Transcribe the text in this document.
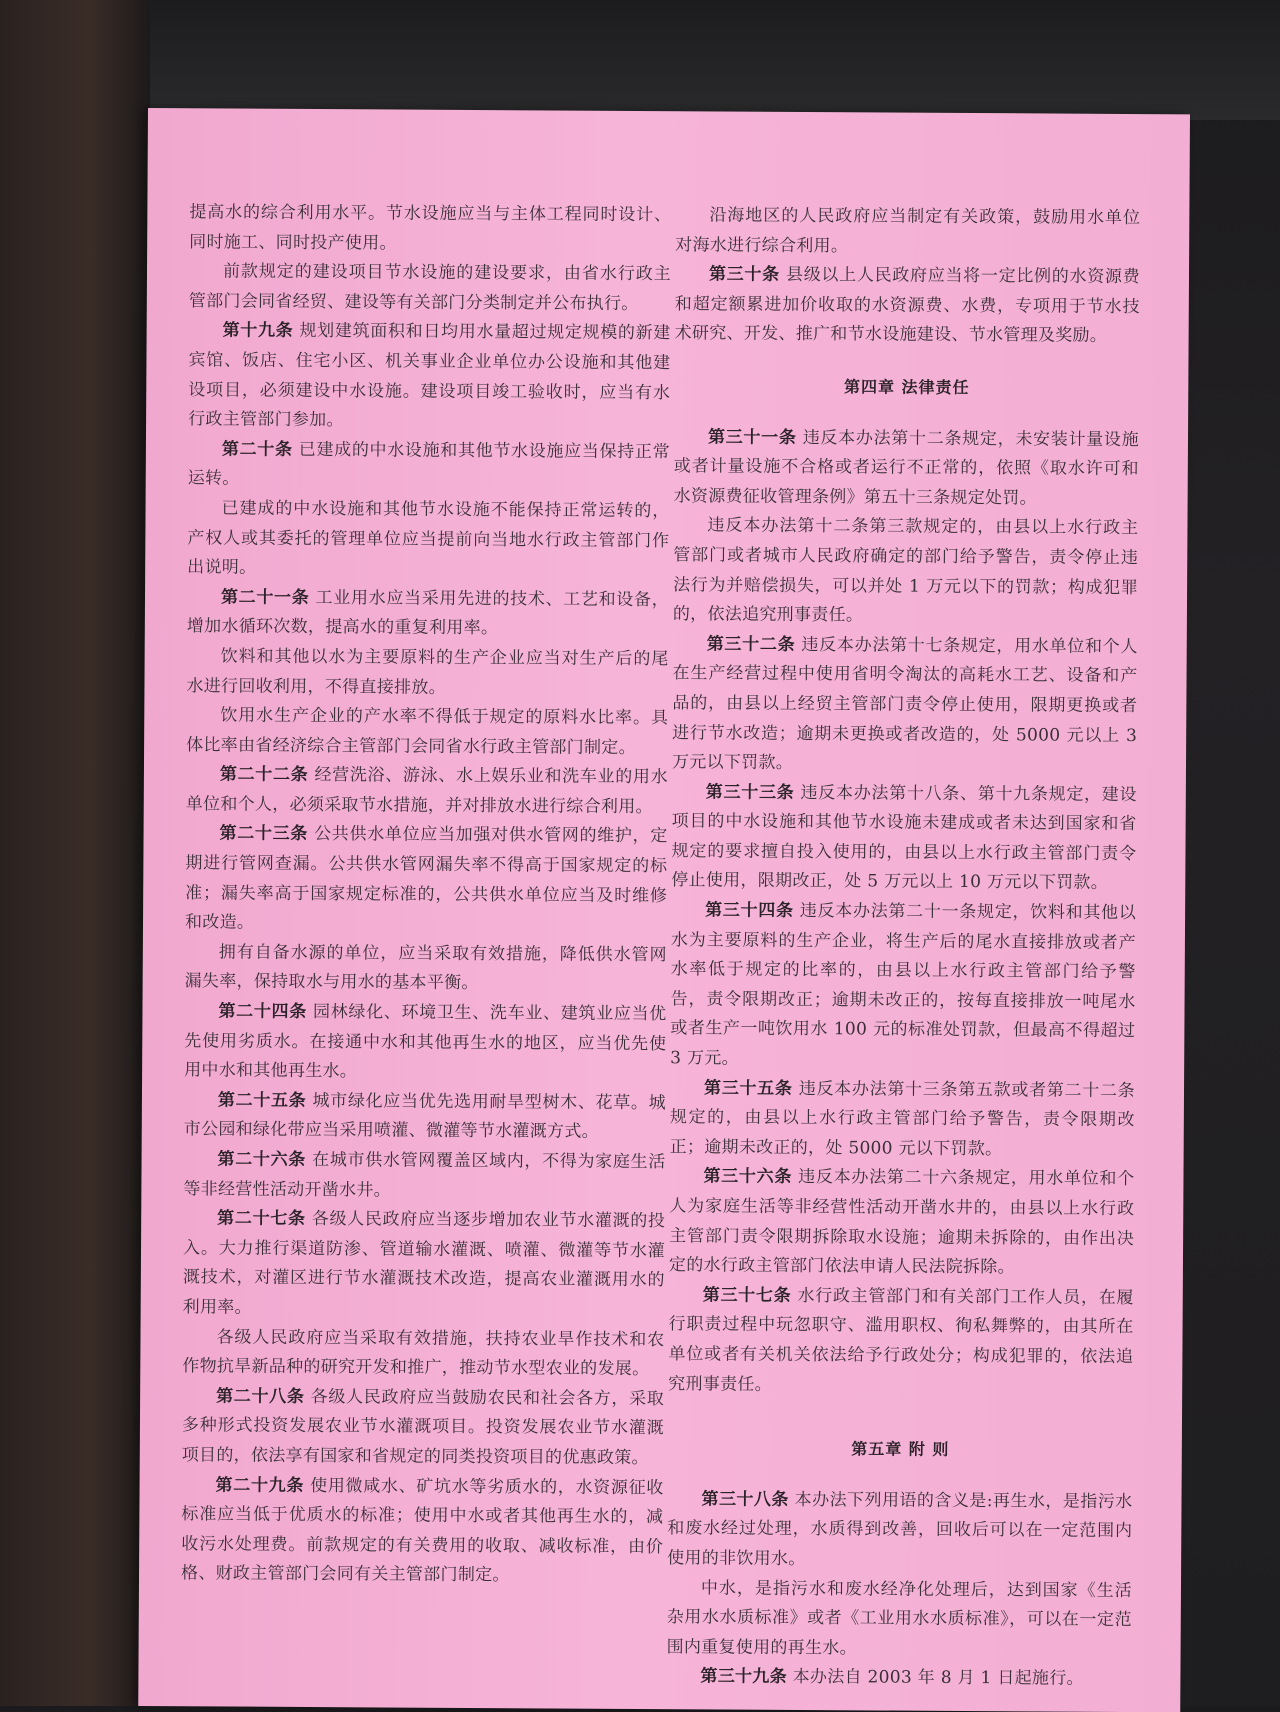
提高水的综合利用水平。节水设施应当与主体工程同时设计、同时施工、同时投产使用。

前款规定的建设项目节水设施的建设要求，由省水行政主管部门会同省经贸、建设等有关部门分类制定并公布执行。

第十九条 规划建筑面积和日均用水量超过规定规模的新建宾馆、饭店、住宅小区、机关事业企业单位办公设施和其他建设项目，必须建设中水设施。建设项目竣工验收时，应当有水行政主管部门参加。

第二十条 已建成的中水设施和其他节水设施应当保持正常运转。

已建成的中水设施和其他节水设施不能保持正常运转的，产权人或其委托的管理单位应当提前向当地水行政主管部门作出说明。

第二十一条 工业用水应当采用先进的技术、工艺和设备，增加水循环次数，提高水的重复利用率。

饮料和其他以水为主要原料的生产企业应当对生产后的尾水进行回收利用，不得直接排放。

饮用水生产企业的产水率不得低于规定的原料水比率。具体比率由省经济综合主管部门会同省水行政主管部门制定。

第二十二条 经营洗浴、游泳、水上娱乐业和洗车业的用水单位和个人，必须采取节水措施，并对排放水进行综合利用。

第二十三条 公共供水单位应当加强对供水管网的维护，定期进行管网查漏。公共供水管网漏失率不得高于国家规定的标准；漏失率高于国家规定标准的，公共供水单位应当及时维修和改造。

拥有自备水源的单位，应当采取有效措施，降低供水管网漏失率，保持取水与用水的基本平衡。

第二十四条 园林绿化、环境卫生、洗车业、建筑业应当优先使用劣质水。在接通中水和其他再生水的地区，应当优先使用中水和其他再生水。

第二十五条 城市绿化应当优先选用耐旱型树木、花草。城市公园和绿化带应当采用喷灌、微灌等节水灌溉方式。

第二十六条 在城市供水管网覆盖区域内，不得为家庭生活等非经营性活动开凿水井。

第二十七条 各级人民政府应当逐步增加农业节水灌溉的投入。大力推行渠道防渗、管道输水灌溉、喷灌、微灌等节水灌溉技术，对灌区进行节水灌溉技术改造，提高农业灌溉用水的利用率。

各级人民政府应当采取有效措施，扶持农业旱作技术和农作物抗旱新品种的研究开发和推广，推动节水型农业的发展。

第二十八条 各级人民政府应当鼓励农民和社会各方，采取多种形式投资发展农业节水灌溉项目。投资发展农业节水灌溉项目的，依法享有国家和省规定的同类投资项目的优惠政策。

第二十九条 使用微咸水、矿坑水等劣质水的，水资源征收标准应当低于优质水的标准；使用中水或者其他再生水的，减收污水处理费。前款规定的有关费用的收取、减收标准，由价格、财政主管部门会同有关主管部门制定。

沿海地区的人民政府应当制定有关政策，鼓励用水单位对海水进行综合利用。

第三十条 县级以上人民政府应当将一定比例的水资源费和超定额累进加价收取的水资源费、水费，专项用于节水技术研究、开发、推广和节水设施建设、节水管理及奖励。

第四章 法律责任

第三十一条 违反本办法第十二条规定，未安装计量设施或者计量设施不合格或者运行不正常的，依照《取水许可和水资源费征收管理条例》第五十三条规定处罚。

违反本办法第十二条第三款规定的，由县以上水行政主管部门或者城市人民政府确定的部门给予警告，责令停止违法行为并赔偿损失，可以并处 1 万元以下的罚款；构成犯罪的，依法追究刑事责任。

第三十二条 违反本办法第十七条规定，用水单位和个人在生产经营过程中使用省明令淘汰的高耗水工艺、设备和产品的，由县以上经贸主管部门责令停止使用，限期更换或者进行节水改造；逾期未更换或者改造的，处 5000 元以上 3 万元以下罚款。

第三十三条 违反本办法第十八条、第十九条规定，建设项目的中水设施和其他节水设施未建成或者未达到国家和省规定的要求擅自投入使用的，由县以上水行政主管部门责令停止使用，限期改正，处 5 万元以上 10 万元以下罚款。

第三十四条 违反本办法第二十一条规定，饮料和其他以水为主要原料的生产企业，将生产后的尾水直接排放或者产水率低于规定的比率的，由县以上水行政主管部门给予警告，责令限期改正；逾期未改正的，按每直接排放一吨尾水或者生产一吨饮用水 100 元的标准处罚款，但最高不得超过 3 万元。

第三十五条 违反本办法第十三条第五款或者第二十二条规定的，由县以上水行政主管部门给予警告，责令限期改正；逾期未改正的，处 5000 元以下罚款。

第三十六条 违反本办法第二十六条规定，用水单位和个人为家庭生活等非经营性活动开凿水井的，由县以上水行政主管部门责令限期拆除取水设施；逾期未拆除的，由作出决定的水行政主管部门依法申请人民法院拆除。

第三十七条 水行政主管部门和有关部门工作人员，在履行职责过程中玩忽职守、滥用职权、徇私舞弊的，由其所在单位或者有关机关依法给予行政处分；构成犯罪的，依法追究刑事责任。

第五章 附 则

第三十八条 本办法下列用语的含义是:再生水，是指污水和废水经过处理，水质得到改善，回收后可以在一定范围内使用的非饮用水。

中水，是指污水和废水经净化处理后，达到国家《生活杂用水水质标准》或者《工业用水水质标准》，可以在一定范围内重复使用的再生水。

第三十九条 本办法自 2003 年 8 月 1 日起施行。
